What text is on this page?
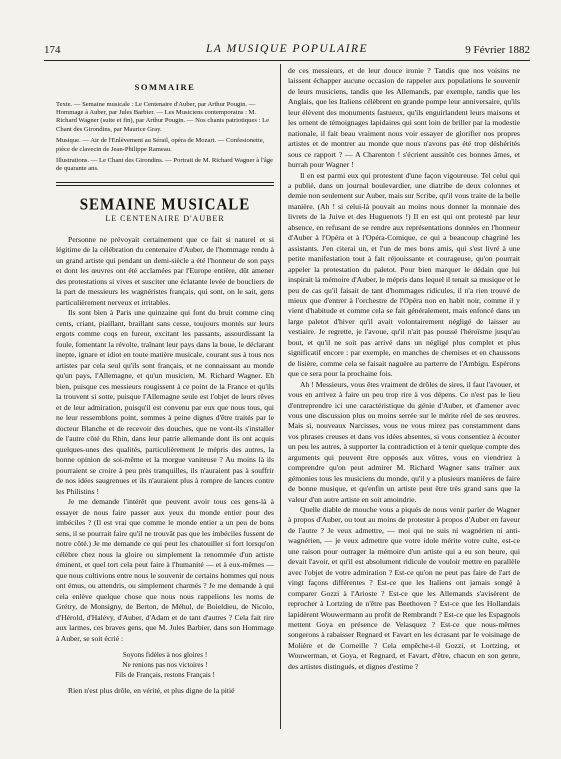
174	LA MUSIQUE POPULAIRE	9 Février 1882
SOMMAIRE

Texte. — Semaine musicale : Le Centenaire d'Auber, par Arthur Pougin. — Hommage à Auber, par Jules Barbier. — Les Musiciens contemporains : M. Richard Wagner (suite et fin), par Arthur Pougin. — Nos chants patriotiques : Le Chant des Girondins, par Maurice Gray.

Musique. — Air de l'Enlèvement au Sérail, opéra de Mozart. — Confesionette, pièce de clavecin de Jean-Philippe Rameau.

Illustrations. — Le Chant des Girondins. — Portrait de M. Richard Wagner à l'âge de quarante ans.

SEMAINE MUSICALE
LE CENTENAIRE D'AUBER

Personne ne prévoyait certainement que ce fait si naturel et si légitime de la célébration du centenaire d'Auber, de l'hommage rendu à un grand artiste qui pendant un demi-siècle a été l'honneur de son pays et dont les œuvres ont été acclamées par l'Europe entière, dût amener des protestations si vives et susciter une éclatante levée de boucliers de la part de messieurs les wagnéristes français, qui sont, on le sait, gens particulièrement nerveux et irritables.

Ils sont bien à Paris une quinzaine qui font du bruit comme cinq cents, criant, piaillant, braillant sans cesse, toujours montés sur leurs ergots comme coqs en fureur, excitant les passants, assourdissant la foule, fomentant la révolte, traînant leur pays dans la boue, le déclarant inepte, ignare et idiot en toute matière musicale, courant sus à tous nos artistes par cela seul qu'ils sont français, et ne connaissant au monde qu'un pays, l'Allemagne, et qu'un musicien, M. Richard Wagner. Eh bien, puisque ces messieurs rougissent à ce point de la France et qu'ils la trouvent si sotte, puisque l'Allemagne seule est l'objet de leurs rêves et de leur admiration, puisqu'il est convenu par eux que nous tous, qui ne leur ressemblons point, sommes à peine dignes d'être traités par le docteur Blanche et de recevoir des douches, que ne vont-ils s'installer de l'autre côté du Rhin, dans leur patrie allemande dont ils ont acquis quelques-unes des qualités, particulièrement le mépris des autres, la bonne opinion de soi-même et la morgue vaniteuse ? Au moins là ils pourraient se croire à peu près tranquilles, ils n'auraient pas à souffrir de nos idées saugrenues et ils n'auraient plus à rompre de lances contre les Philistins !

Je me demande l'intérêt que peuvent avoir tous ces gens-là à essayer de nous faire passer aux yeux du monde entier pour des imbéciles ? (Il est vrai que comme le monde entier a un peu de bons sens, il se pourrait faire qu'il ne trouvât pas que les imbéciles fussent de notre côté.) Je me demande ce qui peut les chatouiller si fort lorsqu'on célèbre chez nous la gloire ou simplement la renommée d'un artiste éminent, et quel tort cela peut faire à l'humanité — et à eux-mêmes — que nous cultivions entre nous le souvenir de certains hommes qui nous ont émus, ou attendris, ou simplement charmés ? Je me demande à qui cela enlève quelque chose que nous nous rappelions les noms de Grétry, de Monsigny, de Berton, de Méhul, de Boieldieu, de Nicolo, d'Hérold, d'Halévy, d'Auber, d'Adam et de tant d'autres ? Cela fait rire aux larmes, ces braves gens, que M. Jules Barbier, dans son Hommage à Auber, se soit écrié :

Soyons fidèles à nos gloires !
Ne renions pas nos victoires !
Fils de Français, restons Français !

Rien n'est plus drôle, en vérité, et plus digne de la pitié

de ces messieurs, et de leur douce ironie ? Tandis que nos voisins ne laissent échapper aucune occasion de rappeler aux populations le souvenir de leurs musiciens, tandis que les Allemands, par exemple, tandis que les Anglais, que les Italiens célèbrent en grande pompe leur anniversaire, qu'ils leur élèvent des monuments fastueux, qu'ils enguirlandent leurs maisons et les ornent de témoignages lapidaires qui sont loin de briller par la modestie nationale, il fait beau vraiment nous voir essayer de glorifier nos propres artistes et de montrer au monde que nous n'avons pas été trop déshérités sous ce rapport ? — A Charenton ! s'écrient aussitôt ces bonnes âmes, et hurrah pour Wagner !

Il en est parmi eux qui protestent d'une façon vigoureuse. Tel celui qui a publié, dans un journal boulevardier, une diatribe de deux colonnes et demie non seulement sur Auber, mais sur Scribe, qu'il vous traite de la belle manière. (Ah ! si celui-là pouvait au moins nous donner la monnaie des livrets de la Juive et des Huguenots !) Il en est qui ont protesté par leur absence, en refusant de se rendre aux représentations données en l'honneur d'Auber à l'Opéra et à l'Opéra-Comique, ce qui a beaucoup chagriné les assistants. J'en citerai un, et l'un de mes bons amis, qui s'est livré à une petite manifestation tout à fait réjouissante et courageuse, qu'on pourrait appeler la protestation du paletot. Pour bien marquer le dédain que lui inspirait la mémoire d'Auber, le mépris dans lequel il tenait sa musique et le peu de cas qu'il faisait de tant d'hommages ridicules, il n'a rien trouvé de mieux que d'entrer à l'orchestre de l'Opéra non en habit noir, comme il y vient d'habitude et comme cela se fait généralement, mais enfoncé dans un large paletot d'hiver qu'il avait volontairement négligé de laisser au vestiaire. Je regrette, je l'avoue, qu'il n'ait pas poussé l'héroïsme jusqu'au bout, et qu'il ne soit pas arrivé dans un négligé plus complet et plus significatif encore : par exemple, en manches de chemises et en chaussons de lisière, comme cela se faisait naguère au parterre de l'Ambigu. Espérons que ce sera pour la prochaine fois.

Ah ! Messieurs, vous êtes vraiment de drôles de sires, il faut l'avouer, et vous en arrivez à faire un peu trop rire à vos dépens. Ce n'est pas le lieu d'entreprendre ici une caractéristique du génie d'Auber, et d'amener avec vous une discussion plus ou moins serrée sur le mérite réel de ses œuvres. Mais si, nouveaux Narcisses, vous ne vous mirez pas constamment dans vos phrases creuses et dans vos idées absentes, si vous consentiez à écouter un peu les autres, à supporter la contradiction et à tenir quelque compte des arguments qui peuvent être opposés aux vôtres, vous en viendriez à comprendre qu'on peut admirer M. Richard Wagner sans traîner aux gémonies tous les musiciens du monde, qu'il y a plusieurs manières de faire de bonne musique, et qu'enfin un artiste peut être très grand sans que la valeur d'un autre artiste en soit amoindrie.

Quelle diable de mouche vous a piqués de nous venir parler de Wagner à propos d'Auber, ou tout au moins de protester à propos d'Auber en faveur de l'autre ? Je veux admettre, — moi qui ne suis ni wagnérien ni anti-wagnérien, — je veux admettre que votre idole mérite votre culte, est-ce une raison pour outrager la mémoire d'un artiste qui a eu son heure, qui devait l'avoir, et qu'il est absolument ridicule de vouloir mettre en parallèle avec l'objet de votre admiration ? Est-ce qu'on ne peut pas faire de l'art de vingt façons différentes ? Est-ce que les Italiens ont jamais songé à comparer Gozzi à l'Arioste ? Est-ce que les Allemands s'avisèrent de reprocher à Lortzing de n'être pas Beethoven ? Est-ce que les Hollandais lapidèrent Wouwermann au profit de Rembrandt ? Est-ce que les Espagnols mettent Goya en présence de Velasquez ? Est-ce que nous-mêmes songerons à rabaisser Regnard et Favart en les écrasant par le voisinage de Molière et de Corneille ? Cela empêche-t-il Gozzi, et Lortzing, et Wouwerman, et Goya, et Regnard, et Favart, d'être, chacun en son genre, des artistes distingués, et dignes d'estime ?
